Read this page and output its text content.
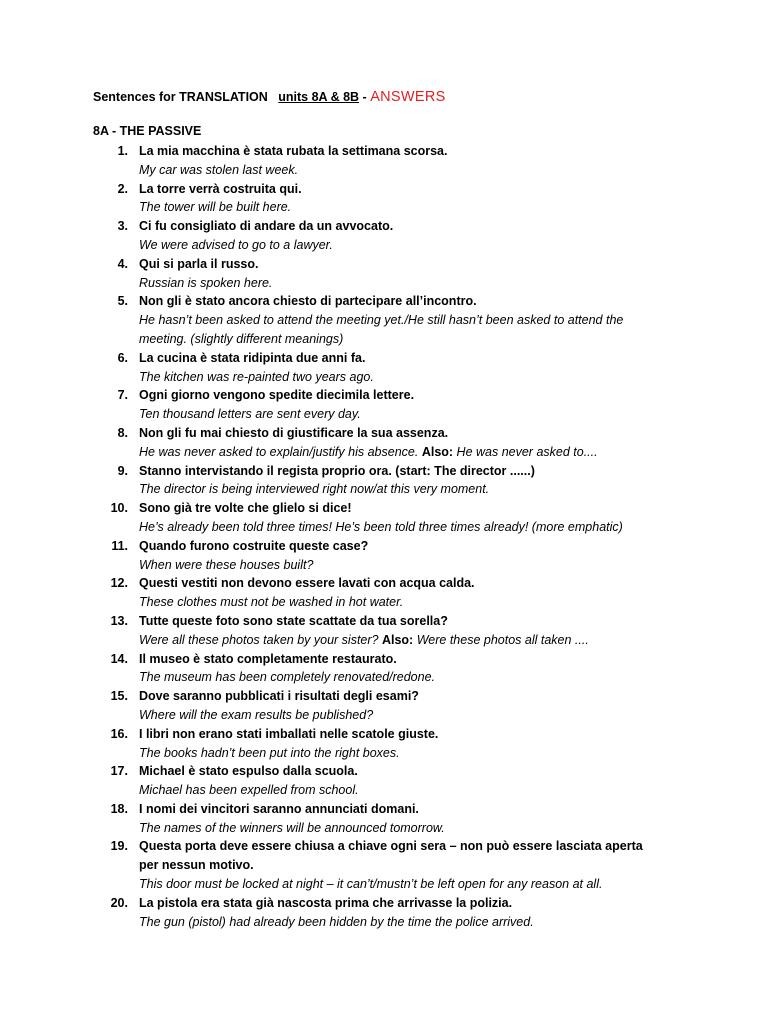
Sentences for TRANSLATION units 8A & 8B - ANSWERS
8A - THE PASSIVE
1. La mia macchina è stata rubata la settimana scorsa.
My car was stolen last week.
2. La torre verrà costruita qui.
The tower will be built here.
3. Ci fu consigliato di andare da un avvocato.
We were advised to go to a lawyer.
4. Qui si parla il russo.
Russian is spoken here.
5. Non gli è stato ancora chiesto di partecipare all’incontro.
He hasn’t been asked to attend the meeting yet./He still hasn’t been asked to attend the meeting. (slightly different meanings)
6. La cucina è stata ridipinta due anni fa.
The kitchen was re-painted two years ago.
7. Ogni giorno vengono spedite diecimila lettere.
Ten thousand letters are sent every day.
8. Non gli fu mai chiesto di giustificare la sua assenza.
He was never asked to explain/justify his absence. Also: He was never asked to....
9. Stanno intervistando il regista proprio ora. (start: The director ......)
The director is being interviewed right now/at this very moment.
10. Sono già tre volte che glielo si dice!
He’s already been told three times! He’s been told three times already! (more emphatic)
11. Quando furono costruite queste case?
When were these houses built?
12. Questi vestiti non devono essere lavati con acqua calda.
These clothes must not be washed in hot water.
13. Tutte queste foto sono state scattate da tua sorella?
Were all these photos taken by your sister? Also: Were these photos all taken ....
14. Il museo è stato completamente restaurato.
The museum has been completely renovated/redone.
15. Dove saranno pubblicati i risultati degli esami?
Where will the exam results be published?
16. I libri non erano stati imballati nelle scatole giuste.
The books hadn’t been put into the right boxes.
17. Michael è stato espulso dalla scuola.
Michael has been expelled from school.
18. I nomi dei vincitori saranno annunciati domani.
The names of the winners will be announced tomorrow.
19. Questa porta deve essere chiusa a chiave ogni sera – non può essere lasciata aperta per nessun motivo.
This door must be locked at night – it can’t/mustn’t be left open for any reason at all.
20. La pistola era stata già nascosta prima che arrivasse la polizia.
The gun (pistol) had already been hidden by the time the police arrived.
